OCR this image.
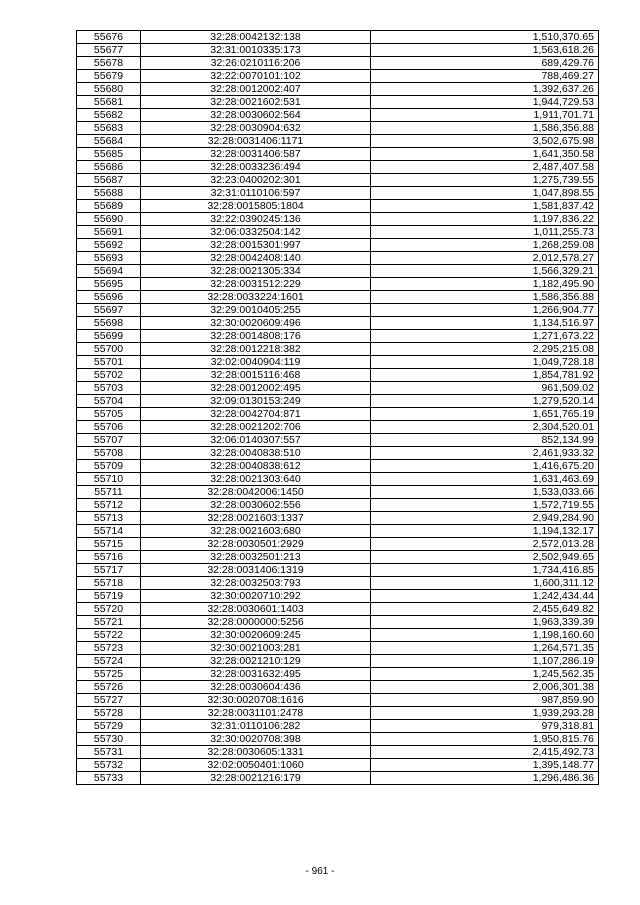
55676	32:28:0042132:138	1,510,370.65
55677	32:31:0010335:173	1,563,618.26
55678	32:26:0210116:206	689,429.76
55679	32:22:0070101:102	788,469.27
55680	32:28:0012002:407	1,392,637.26
55681	32:28:0021602:531	1,944,729.53
55682	32:28:0030602:564	1,911,701.71
55683	32:28:0030904:632	1,586,356.88
55684	32:28:0031406:1171	3,502,675.98
55685	32:28:0031406:587	1,641,350.58
55686	32:28:0033236:494	2,487,407.58
55687	32:23:0400202:301	1,275,739.55
55688	32:31:0110106:597	1,047,898.55
55689	32:28:0015805:1804	1,581,837.42
55690	32:22:0390245:136	1,197,836.22
55691	32:06:0332504:142	1,011,255.73
55692	32:28:0015301:997	1,268,259.08
55693	32:28:0042408:140	2,012,578.27
55694	32:28:0021305:334	1,566,329.21
55695	32:28:0031512:229	1,182,495.90
55696	32:28:0033224:1601	1,586,356.88
55697	32:29:0010405:255	1,266,904.77
55698	32:30:0020609:496	1,134,516.97
55699	32:28:0014808:176	1,271,673.22
55700	32:28:0012218:382	2,295,215.08
55701	32:02:0040904:119	1,049,728.18
55702	32:28:0015116:468	1,854,781.92
55703	32:28:0012002:495	961,509.02
55704	32:09:0130153:249	1,279,520.14
55705	32:28:0042704:871	1,651,765.19
55706	32:28:0021202:706	2,304,520.01
55707	32:06:0140307:557	852,134.99
55708	32:28:0040838:510	2,461,933.32
55709	32:28:0040838:612	1,416,675.20
55710	32:28:0021303:640	1,631,463.69
55711	32:28:0042006:1450	1,533,033.66
55712	32:28:0030602:556	1,572,719.55
55713	32:28:0021603:1337	2,949,284.90
55714	32:28:0021603:680	1,194,132.17
55715	32:28:0030501:2929	2,572,013.28
55716	32:28:0032501:213	2,502,949.65
55717	32:28:0031406:1319	1,734,416.85
55718	32:28:0032503:793	1,600,311.12
55719	32:30:0020710:292	1,242,434.44
55720	32:28:0030601:1403	2,455,649.82
55721	32:28:0000000:5256	1,963,339.39
55722	32:30:0020609:245	1,198,160.60
55723	32:30:0021003:281	1,264,571.35
55724	32:28:0021210:129	1,107,286.19
55725	32:28:0031632:495	1,245,562.35
55726	32:28:0030604:436	2,006,301.38
55727	32:30:0020708:1616	987,859.90
55728	32:28:0031101:2478	1,939,293.28
55729	32:31:0110106:282	979,318.81
55730	32:30:0020708:398	1,950,815.76
55731	32:28:0030605:1331	2,415,492.73
55732	32:02:0050401:1060	1,395,148.77
55733	32:28:0021216:179	1,296,486.36
- 961 -
